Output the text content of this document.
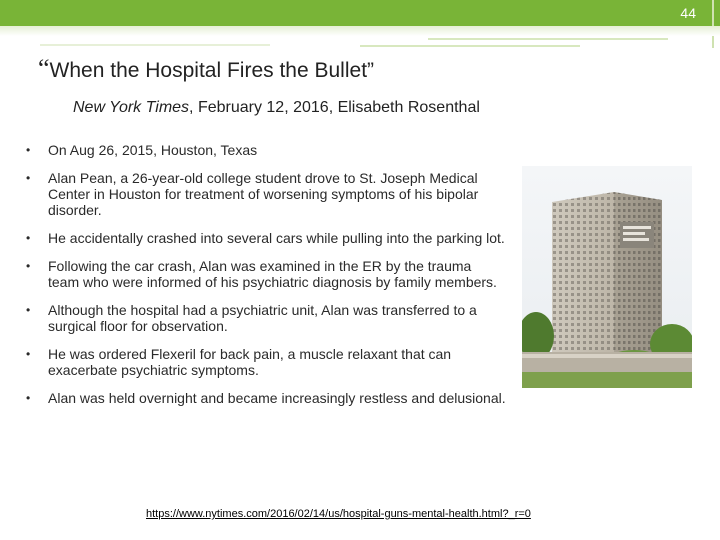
44
“When the Hospital Fires the Bullet”
New York Times, February 12, 2016, Elisabeth Rosenthal
• On Aug 26, 2015, Houston, Texas
• Alan Pean, a 26-year-old college student drove to St. Joseph Medical Center in Houston for treatment of worsening symptoms of his bipolar disorder.
• He accidentally crashed into several cars while pulling into the parking lot.
• Following the car crash, Alan was examined in the ER by the trauma team who were informed of his psychiatric diagnosis by family members.
• Although the hospital had a psychiatric unit, Alan was transferred to a surgical floor for observation.
• He was ordered Flexeril for back pain, a muscle relaxant that can exacerbate psychiatric symptoms.
• Alan was held overnight and became increasingly restless and delusional.
https://www.nytimes.com/2016/02/14/us/hospital-guns-mental-health.html?_r=0
